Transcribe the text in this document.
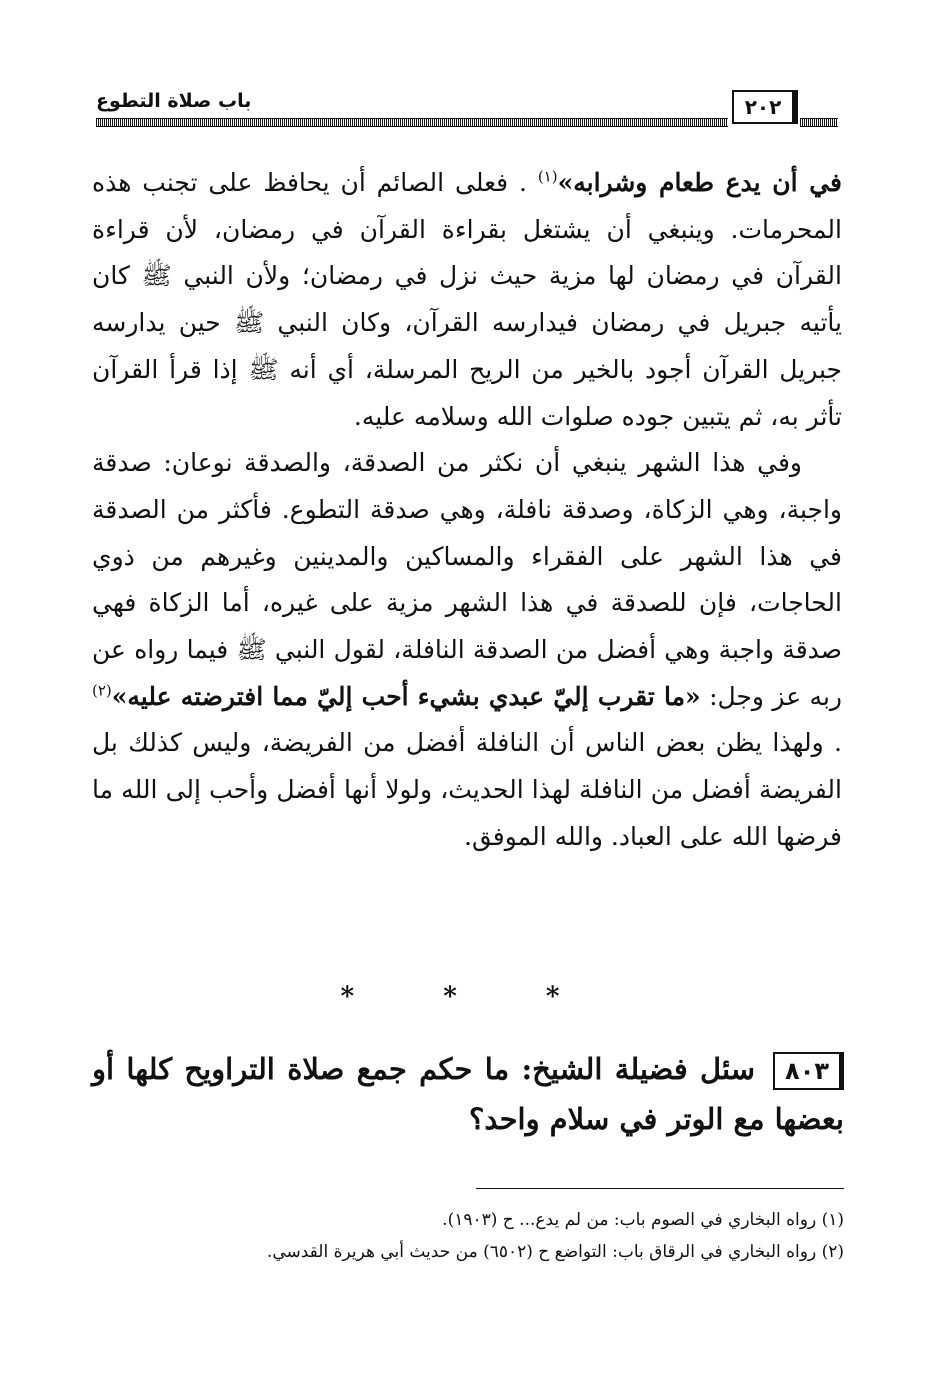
باب صلاة التطوع	٢٠٢

في أن يدع طعام وشرابه»$^{(١)}$ . فعلى الصائم أن يحافظ على تجنب هذه المحرمات. وينبغي أن يشتغل بقراءة القرآن في رمضان، لأن قراءة القرآن في رمضان لها مزية حيث نزل في رمضان؛ ولأن النبي ﷺ كان يأتيه جبريل في رمضان فيدارسه القرآن، وكان النبي ﷺ حين يدارسه جبريل القرآن أجود بالخير من الريح المرسلة، أي أنه ﷺ إذا قرأ القرآن تأثر به، ثم يتبين جوده صلوات الله وسلامه عليه.

وفي هذا الشهر ينبغي أن نكثر من الصدقة، والصدقة نوعان: صدقة واجبة، وهي الزكاة، وصدقة نافلة، وهي صدقة التطوع. فأكثر من الصدقة في هذا الشهر على الفقراء والمساكين والمدينين وغيرهم من ذوي الحاجات، فإن للصدقة في هذا الشهر مزية على غيره، أما الزكاة فهي صدقة واجبة وهي أفضل من الصدقة النافلة، لقول النبي ﷺ فيما رواه عن ربه عز وجل: «ما تقرب إليّ عبدي بشيء أحب إليّ مما افترضته عليه»$^{(٢)}$ . ولهذا يظن بعض الناس أن النافلة أفضل من الفريضة، وليس كذلك بل الفريضة أفضل من النافلة لهذا الحديث، ولولا أنها أفضل وأحب إلى الله ما فرضها الله على العباد. والله الموفق.

* * *
٨٠٣سئل فضيلة الشيخ: ما حكم جمع صلاة التراويح كلها أو بعضها مع الوتر في سلام واحد؟

(١) رواه البخاري في الصوم باب: من لم يدع... ح (١٩٠٣).

(٢) رواه البخاري في الرقاق باب: التواضع ح (٦٥٠٢) من حديث أبي هريرة القدسي.
